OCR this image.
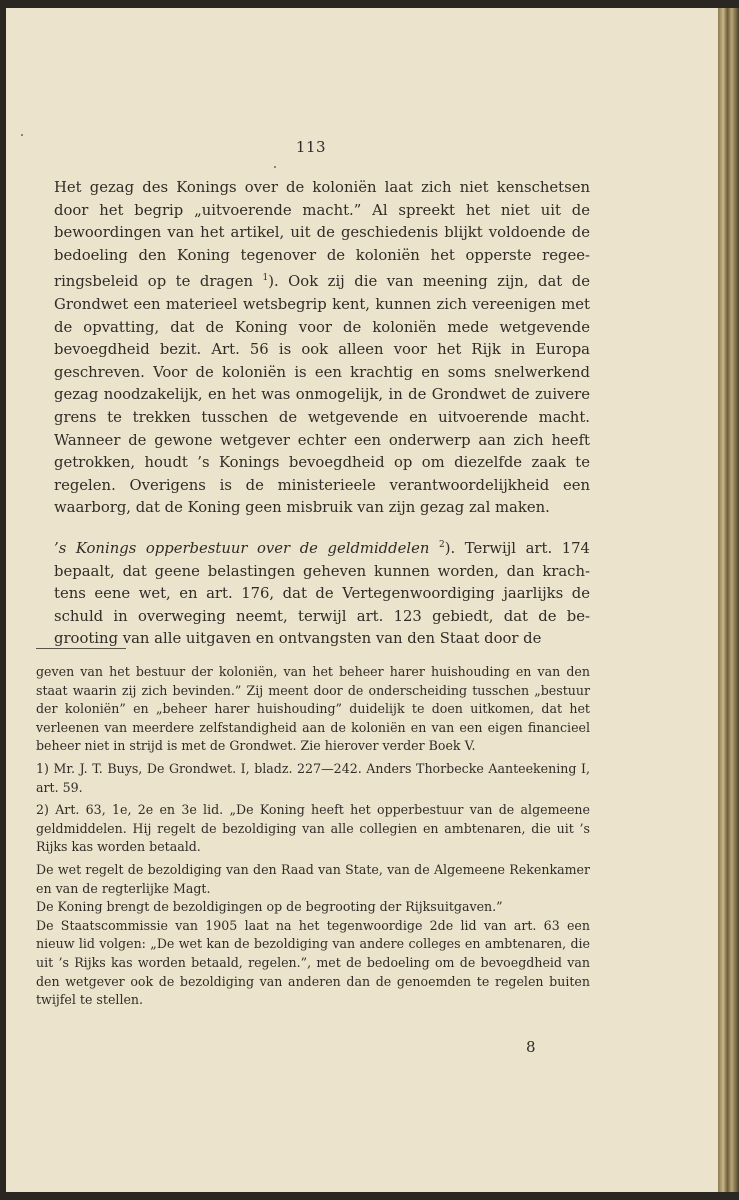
113

Het gezag des Konings over de koloniën laat zich niet kenschetsen door het begrip „uitvoerende macht.” Al spreekt het niet uit de bewoordingen van het artikel, uit de geschiedenis blijkt voldoende de bedoeling den Koning tegenover de koloniën het opperste regeeringsbeleid op te dragen $^1$). Ook zij die van meening zijn, dat de Grondwet een materieel wetsbegrip kent, kunnen zich vereenigen met de opvatting, dat de Koning voor de koloniën mede wetgevende bevoegdheid bezit. Art. 56 is ook alleen voor het Rijk in Europa geschreven. Voor de koloniën is een krachtig en soms snelwerkend gezag noodzakelijk, en het was onmogelijk, in de Grondwet de zuivere grens te trekken tusschen de wetgevende en uitvoerende macht. Wanneer de gewone wetgever echter een onderwerp aan zich heeft getrokken, houdt ’s Konings bevoegdheid op om diezelfde zaak te regelen. Overigens is de ministerieele verantwoordelijkheid een waarborg, dat de Koning geen misbruik van zijn gezag zal maken.

’s Konings opperbestuur over de geldmiddelen $^2$). Terwijl art. 174 bepaalt, dat geene belastingen geheven kunnen worden, dan krachtens eene wet, en art. 176, dat de Vertegenwoordiging jaarlijks de schuld in overweging neemt, terwijl art. 123 gebiedt, dat de begrooting van alle uitgaven en ontvangsten van den Staat door de

geven van het bestuur der koloniën, van het beheer harer huishouding en van den staat waarin zij zich bevinden.” Zij meent door de onderscheiding tusschen „bestuur der koloniën” en „beheer harer huishouding” duidelijk te doen uitkomen, dat het verleenen van meerdere zelfstandigheid aan de koloniën en van een eigen financieel beheer niet in strijd is met de Grondwet. Zie hierover verder Boek V.

1) Mr. J. T. Buys, De Grondwet. I, bladz. 227—242. Anders Thorbecke Aanteekening I, art. 59.

2) Art. 63, 1e, 2e en 3e lid. „De Koning heeft het opperbestuur van de algemeene geldmiddelen. Hij regelt de bezoldiging van alle collegien en ambtenaren, die uit ’s Rijks kas worden betaald.

De wet regelt de bezoldiging van den Raad van State, van de Algemeene Rekenkamer en van de regterlijke Magt.

De Koning brengt de bezoldigingen op de begrooting der Rijksuitgaven.”

De Staatscommissie van 1905 laat na het tegenwoordige 2de lid van art. 63 een nieuw lid volgen: „De wet kan de bezoldiging van andere colleges en ambtenaren, die uit ’s Rijks kas worden betaald, regelen.”, met de bedoeling om de bevoegdheid van den wetgever ook de bezoldiging van anderen dan de genoemden te regelen buiten twijfel te stellen.

8
